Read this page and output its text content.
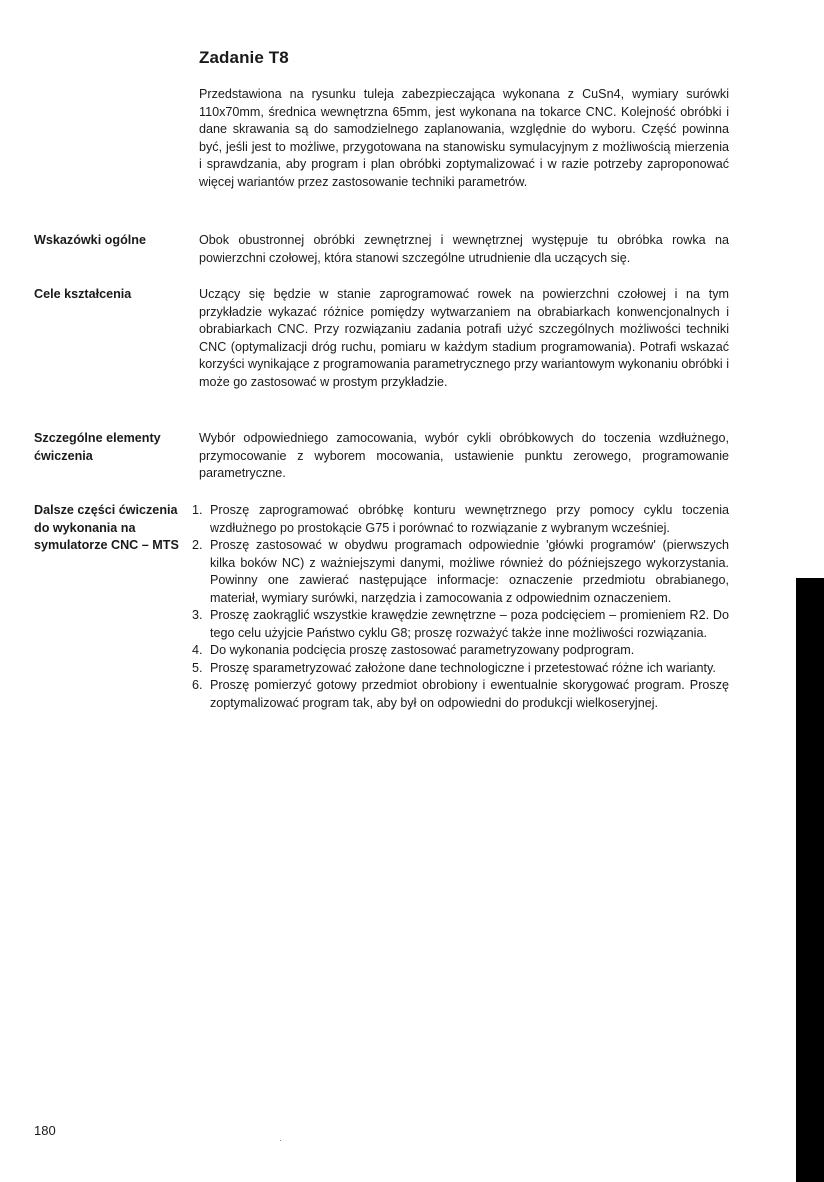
Zadanie T8
Przedstawiona na rysunku tuleja zabezpieczająca wykonana z CuSn4, wymiary surówki 110x70mm, średnica wewnętrzna 65mm, jest wykonana na tokarce CNC. Kolejność obróbki i dane skrawania są do samodzielnego zaplanowania, względnie do wyboru. Część powinna być, jeśli jest to możliwe, przygotowana na stanowisku symulacyjnym z możliwością mierzenia i sprawdzania, aby program i plan obróbki zoptymalizować i w razie potrzeby zaproponować więcej wariantów przez zastosowanie techniki parametrów.
Wskazówki ogólne	Obok obustronnej obróbki zewnętrznej i wewnętrznej występuje tu obróbka rowka na powierzchni czołowej, która stanowi szczególne utrudnienie dla uczących się.
Cele kształcenia	Uczący się będzie w stanie zaprogramować rowek na powierzchni czołowej i na tym przykładzie wykazać różnice pomiędzy wytwarzaniem na obrabiarkach konwencjonalnych i obrabiarkach CNC. Przy rozwiązaniu zadania potrafi użyć szczególnych możliwości techniki CNC (optymalizacji dróg ruchu, pomiaru w każdym stadium programowania). Potrafi wskazać korzyści wynikające z programowania parametrycznego przy wariantowym wykonaniu obróbki i może go zastosować w prostym przykładzie.
Szczególne elementy ćwiczenia
Wybór odpowiedniego zamocowania, wybór cykli obróbkowych do toczenia wzdłużnego, przymocowanie z wyborem mocowania, ustawienie punktu zerowego, programowanie parametryczne.
Dalsze części ćwiczenia do wykonania na symulatorze CNC – MTS
1. Proszę zaprogramować obróbkę konturu wewnętrznego przy pomocy cyklu toczenia wzdłużnego po prostokącie G75 i porównać to rozwiązanie z wybranym wcześniej.
2. Proszę zastosować w obydwu programach odpowiednie 'główki programów' (pierwszych kilka boków NC) z ważniejszymi danymi, możliwe również do późniejszego wykorzystania. Powinny one zawierać następujące informacje: oznaczenie przedmiotu obrabianego, materiał, wymiary surówki, narzędzia i zamocowania z odpowiednim oznaczeniem.
3. Proszę zaokrąglić wszystkie krawędzie zewnętrzne – poza podcięciem – promieniem R2. Do tego celu użyjcie Państwo cyklu G8; proszę rozważyć także inne możliwości rozwiązania.
4. Do wykonania podcięcia proszę zastosować parametryzowany podprogram.
5. Proszę sparametryzować założone dane technologiczne i przetestować różne ich warianty.
6. Proszę pomierzyć gotowy przedmiot obrobiony i ewentualnie skorygować program. Proszę zoptymalizować program tak, aby był on odpowiedni do produkcji wielkoseryjnej.
180
